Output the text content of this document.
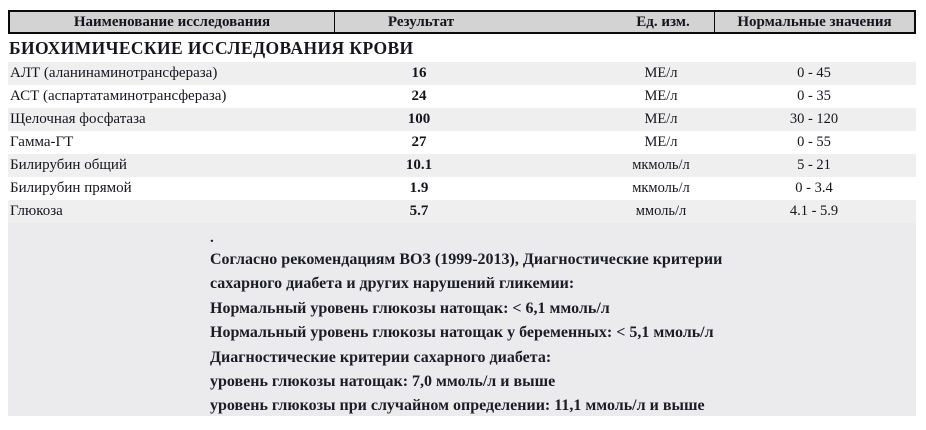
Наименование исследования	Результат	Ед. изм.	Нормальные значения
БИОХИМИЧЕСКИЕ ИССЛЕДОВАНИЯ КРОВИ
АЛТ (аланинаминотрансфераза)	16	МЕ/л	0 - 45
АСТ (аспартатаминотрансфераза)	24	МЕ/л	0 - 35
Щелочная фосфатаза	100	МЕ/л	30 - 120
Гамма-ГТ	27	МЕ/л	0 - 55
Билирубин общий	10.1	мкмоль/л	5 - 21
Билирубин прямой	1.9	мкмоль/л	0 - 3.4
Глюкоза	5.7	ммоль/л	4.1 - 5.9
.
Согласно рекомендациям ВОЗ (1999-2013), Диагностические критерии
сахарного диабета и других нарушений гликемии:
Нормальный уровень глюкозы натощак: < 6,1 ммоль/л
Нормальный уровень глюкозы натощак у беременных: < 5,1 ммоль/л
Диагностические критерии сахарного диабета:
уровень глюкозы натощак: 7,0 ммоль/л и выше
уровень глюкозы при случайном определении: 11,1 ммоль/л и выше
